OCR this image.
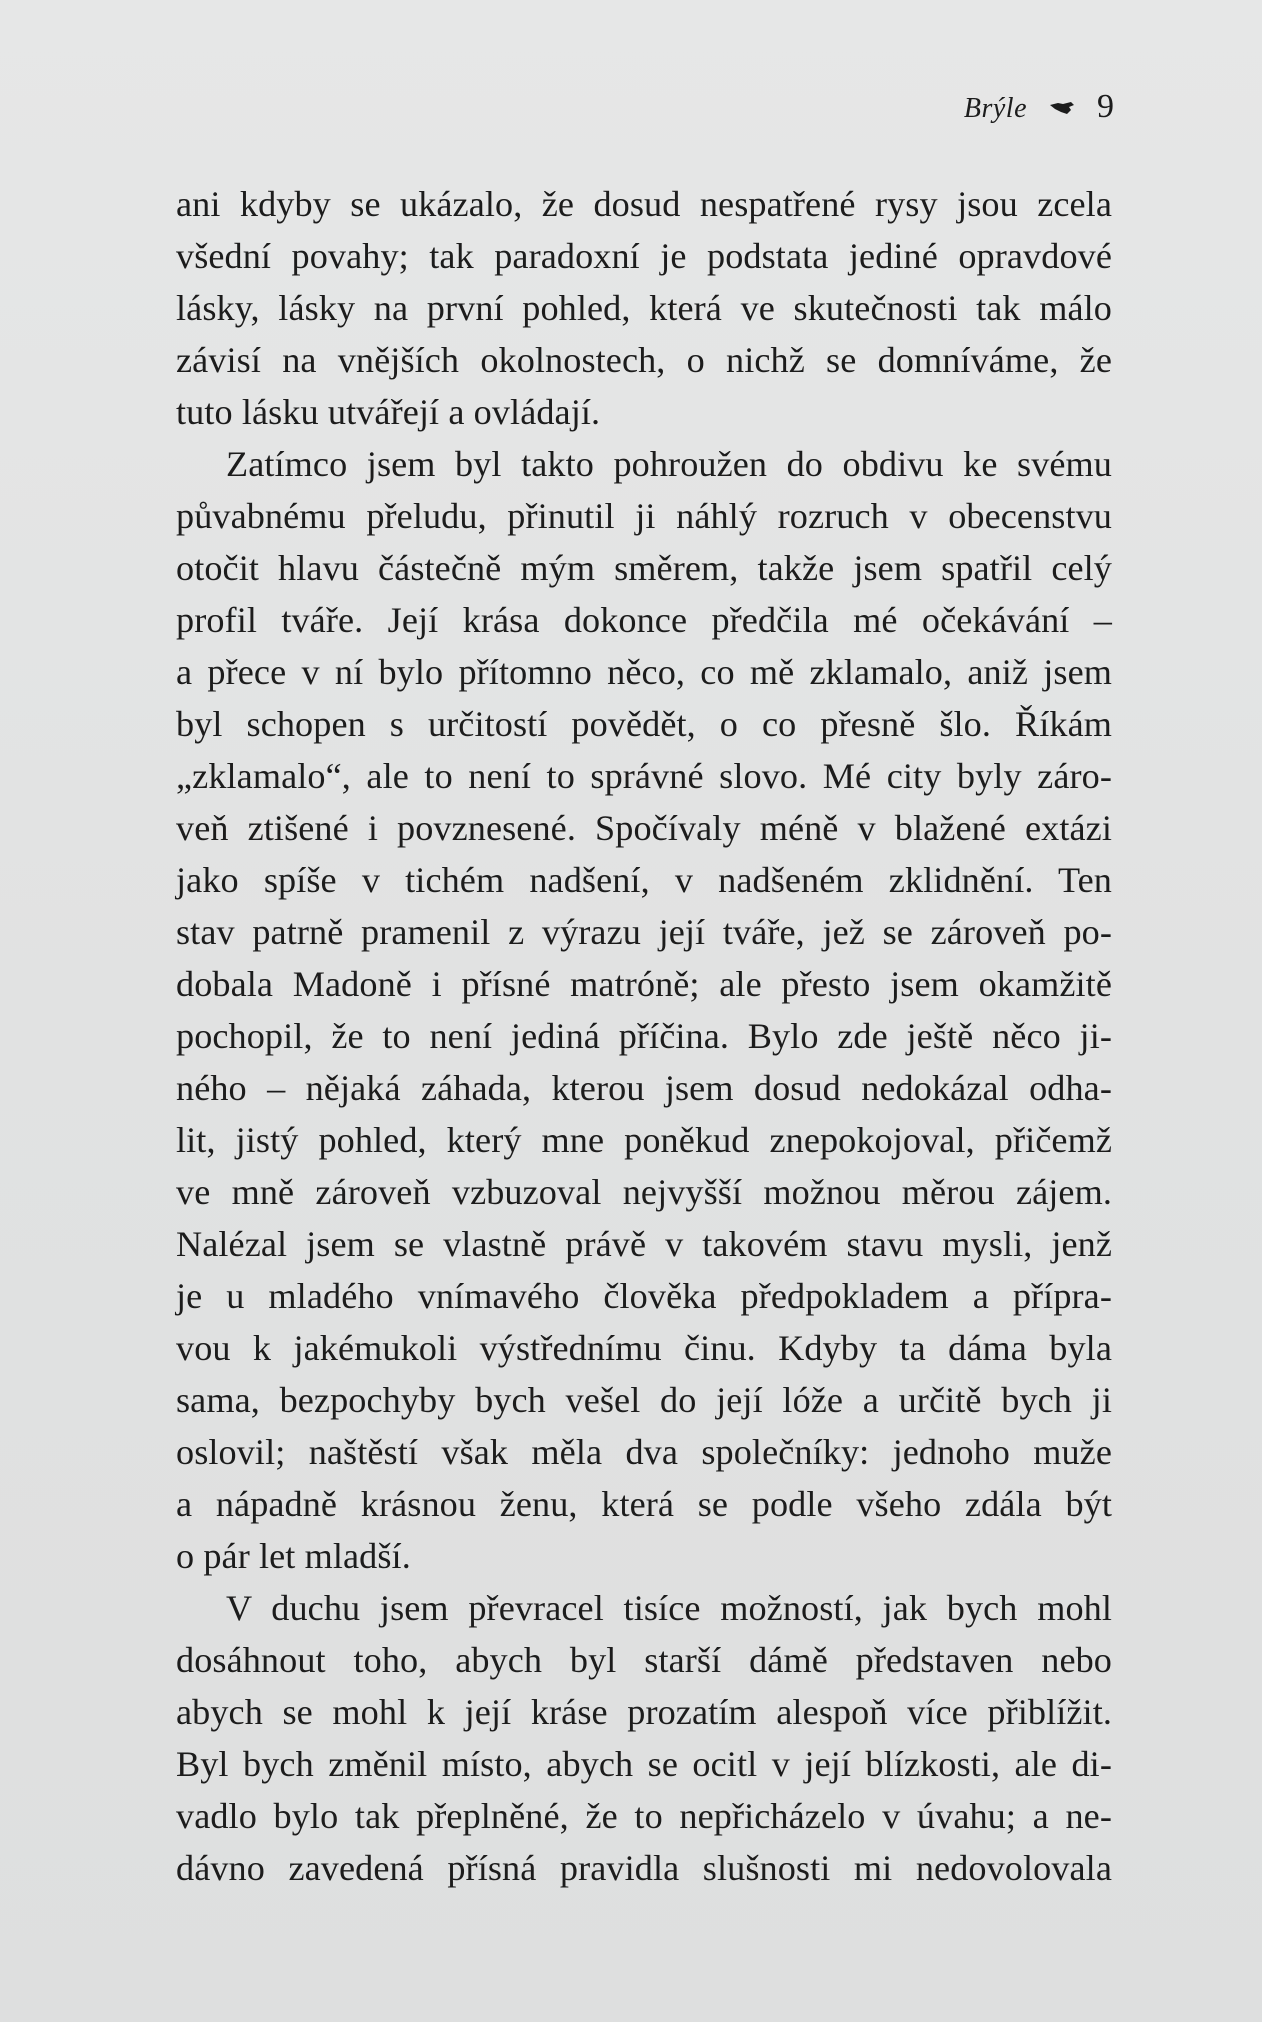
Brýle 9
ani kdyby se ukázalo, že dosud nespatřené rysy jsou zcela
všední povahy; tak paradoxní je podstata jediné opravdové
lásky, lásky na první pohled, která ve skutečnosti tak málo
závisí na vnějších okolnostech, o nichž se domníváme, že
tuto lásku utvářejí a ovládají.
Zatímco jsem byl takto pohroužen do obdivu ke svému
půvabnému přeludu, přinutil ji náhlý rozruch v obecenstvu
otočit hlavu částečně mým směrem, takže jsem spatřil celý
profil tváře. Její krása dokonce předčila mé očekávání –
a přece v ní bylo přítomno něco, co mě zklamalo, aniž jsem
byl schopen s určitostí povědět, o co přesně šlo. Říkám
„zklamalo“, ale to není to správné slovo. Mé city byly záro-
veň ztišené i povznesené. Spočívaly méně v blažené extázi
jako spíše v tichém nadšení, v nadšeném zklidnění. Ten
stav patrně pramenil z výrazu její tváře, jež se zároveň po-
dobala Madoně i přísné matróně; ale přesto jsem okamžitě
pochopil, že to není jediná příčina. Bylo zde ještě něco ji-
ného – nějaká záhada, kterou jsem dosud nedokázal odha-
lit, jistý pohled, který mne poněkud znepokojoval, přičemž
ve mně zároveň vzbuzoval nejvyšší možnou měrou zájem.
Nalézal jsem se vlastně právě v takovém stavu mysli, jenž
je u mladého vnímavého člověka předpokladem a přípra-
vou k jakémukoli výstřednímu činu. Kdyby ta dáma byla
sama, bezpochyby bych vešel do její lóže a určitě bych ji
oslovil; naštěstí však měla dva společníky: jednoho muže
a nápadně krásnou ženu, která se podle všeho zdála být
o pár let mladší.
V duchu jsem převracel tisíce možností, jak bych mohl
dosáhnout toho, abych byl starší dámě představen nebo
abych se mohl k její kráse prozatím alespoň více přiblížit.
Byl bych změnil místo, abych se ocitl v její blízkosti, ale di-
vadlo bylo tak přeplněné, že to nepřicházelo v úvahu; a ne-
dávno zavedená přísná pravidla slušnosti mi nedovolovala
